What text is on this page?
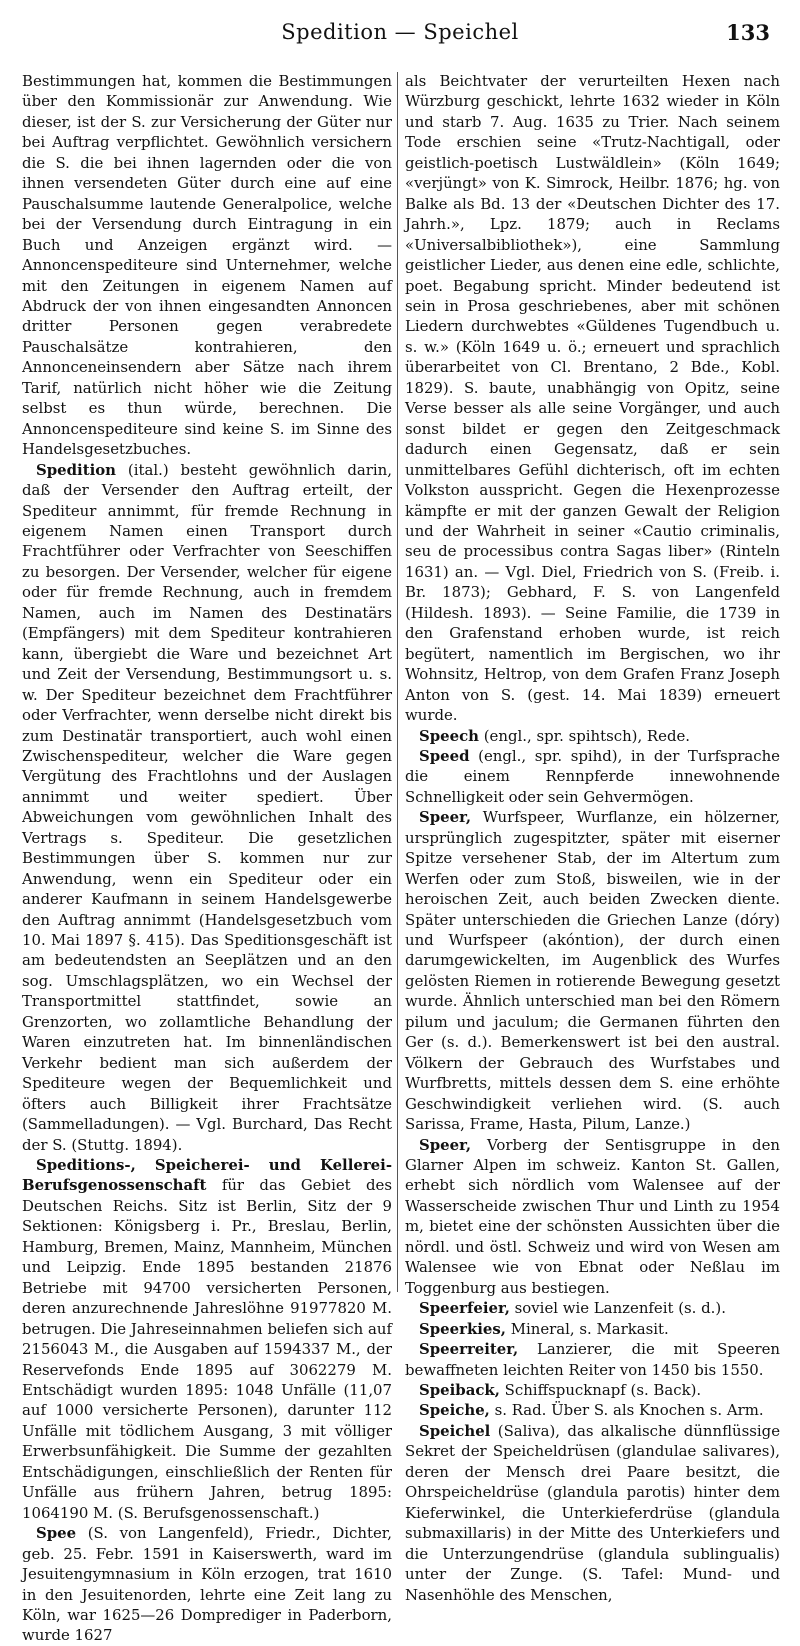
Spedition — Speichel	133

Bestimmungen hat, kommen die Bestimmungen über den Kommissionär zur Anwendung. Wie dieser, ist der S. zur Versicherung der Güter nur bei Auftrag verpflichtet. Gewöhnlich versichern die S. die bei ihnen lagernden oder die von ihnen versendeten Güter durch eine auf eine Pauschalsumme lautende Generalpolice, welche bei der Versendung durch Eintragung in ein Buch und Anzeigen ergänzt wird. — Annoncenspediteure sind Unternehmer, welche mit den Zeitungen in eigenem Namen auf Abdruck der von ihnen eingesandten Annoncen dritter Personen gegen verabredete Pauschalsätze kontrahieren, den Annonceneinsendern aber Sätze nach ihrem Tarif, natürlich nicht höher wie die Zeitung selbst es thun würde, berechnen. Die Annoncenspediteure sind keine S. im Sinne des Handelsgesetzbuches.

Spedition (ital.) besteht gewöhnlich darin, daß der Versender den Auftrag erteilt, der Spediteur annimmt, für fremde Rechnung in eigenem Namen einen Transport durch Frachtführer oder Verfrachter von Seeschiffen zu besorgen. Der Versender, welcher für eigene oder für fremde Rechnung, auch in fremdem Namen, auch im Namen des Destinatärs (Empfängers) mit dem Spediteur kontrahieren kann, übergiebt die Ware und bezeichnet Art und Zeit der Versendung, Bestimmungsort u. s. w. Der Spediteur bezeichnet dem Frachtführer oder Verfrachter, wenn derselbe nicht direkt bis zum Destinatär transportiert, auch wohl einen Zwischenspediteur, welcher die Ware gegen Vergütung des Frachtlohns und der Auslagen annimmt und weiter spediert. Über Abweichungen vom gewöhnlichen Inhalt des Vertrags s. Spediteur. Die gesetzlichen Bestimmungen über S. kommen nur zur Anwendung, wenn ein Spediteur oder ein anderer Kaufmann in seinem Handelsgewerbe den Auftrag annimmt (Handelsgesetzbuch vom 10. Mai 1897 §. 415). Das Speditionsgeschäft ist am bedeutendsten an Seeplätzen und an den sog. Umschlagsplätzen, wo ein Wechsel der Transportmittel stattfindet, sowie an Grenzorten, wo zollamtliche Behandlung der Waren einzutreten hat. Im binnenländischen Verkehr bedient man sich außerdem der Spediteure wegen der Bequemlichkeit und öfters auch Billigkeit ihrer Frachtsätze (Sammelladungen). — Vgl. Burchard, Das Recht der S. (Stuttg. 1894).

Speditions-, Speicherei- und Kellerei-Berufsgenossenschaft für das Gebiet des Deutschen Reichs. Sitz ist Berlin, Sitz der 9 Sektionen: Königsberg i. Pr., Breslau, Berlin, Hamburg, Bremen, Mainz, Mannheim, München und Leipzig. Ende 1895 bestanden 21876 Betriebe mit 94700 versicherten Personen, deren anzurechnende Jahreslöhne 91977820 M. betrugen. Die Jahreseinnahmen beliefen sich auf 2156043 M., die Ausgaben auf 1594337 M., der Reservefonds Ende 1895 auf 3062279 M. Entschädigt wurden 1895: 1048 Unfälle (11,07 auf 1000 versicherte Personen), darunter 112 Unfälle mit tödlichem Ausgang, 3 mit völliger Erwerbsunfähigkeit. Die Summe der gezahlten Entschädigungen, einschließlich der Renten für Unfälle aus frühern Jahren, betrug 1895: 1064190 M. (S. Berufsgenossenschaft.)

Spee (S. von Langenfeld), Friedr., Dichter, geb. 25. Febr. 1591 in Kaiserswerth, ward im Jesuitengymnasium in Köln erzogen, trat 1610 in den Jesuitenorden, lehrte eine Zeit lang zu Köln, war 1625—26 Domprediger in Paderborn, wurde 1627

als Beichtvater der verurteilten Hexen nach Würzburg geschickt, lehrte 1632 wieder in Köln und starb 7. Aug. 1635 zu Trier. Nach seinem Tode erschien seine «Trutz-Nachtigall, oder geistlich-poetisch Lustwäldlein» (Köln 1649; «verjüngt» von K. Simrock, Heilbr. 1876; hg. von Balke als Bd. 13 der «Deutschen Dichter des 17. Jahrh.», Lpz. 1879; auch in Reclams «Universalbibliothek»), eine Sammlung geistlicher Lieder, aus denen eine edle, schlichte, poet. Begabung spricht. Minder bedeutend ist sein in Prosa geschriebenes, aber mit schönen Liedern durchwebtes «Güldenes Tugendbuch u. s. w.» (Köln 1649 u. ö.; erneuert und sprachlich überarbeitet von Cl. Brentano, 2 Bde., Kobl. 1829). S. baute, unabhängig von Opitz, seine Verse besser als alle seine Vorgänger, und auch sonst bildet er gegen den Zeitgeschmack dadurch einen Gegensatz, daß er sein unmittelbares Gefühl dichterisch, oft im echten Volkston ausspricht. Gegen die Hexenprozesse kämpfte er mit der ganzen Gewalt der Religion und der Wahrheit in seiner «Cautio criminalis, seu de processibus contra Sagas liber» (Rinteln 1631) an. — Vgl. Diel, Friedrich von S. (Freib. i. Br. 1873); Gebhard, F. S. von Langenfeld (Hildesh. 1893). — Seine Familie, die 1739 in den Grafenstand erhoben wurde, ist reich begütert, namentlich im Bergischen, wo ihr Wohnsitz, Heltrop, von dem Grafen Franz Joseph Anton von S. (gest. 14. Mai 1839) erneuert wurde.

Speech (engl., spr. spihtsch), Rede.

Speed (engl., spr. spihd), in der Turfsprache die einem Rennpferde innewohnende Schnelligkeit oder sein Gehvermögen.

Speer, Wurfspeer, Wurflanze, ein hölzerner, ursprünglich zugespitzter, später mit eiserner Spitze versehener Stab, der im Altertum zum Werfen oder zum Stoß, bisweilen, wie in der heroischen Zeit, auch beiden Zwecken diente. Später unterschieden die Griechen Lanze (dóry) und Wurfspeer (akóntion), der durch einen darumgewickelten, im Augenblick des Wurfes gelösten Riemen in rotierende Bewegung gesetzt wurde. Ähnlich unterschied man bei den Römern pilum und jaculum; die Germanen führten den Ger (s. d.). Bemerkenswert ist bei den austral. Völkern der Gebrauch des Wurfstabes und Wurfbretts, mittels dessen dem S. eine erhöhte Geschwindigkeit verliehen wird. (S. auch Sarissa, Frame, Hasta, Pilum, Lanze.)

Speer, Vorberg der Sentisgruppe in den Glarner Alpen im schweiz. Kanton St. Gallen, erhebt sich nördlich vom Walensee auf der Wasserscheide zwischen Thur und Linth zu 1954 m, bietet eine der schönsten Aussichten über die nördl. und östl. Schweiz und wird von Wesen am Walensee wie von Ebnat oder Neßlau im Toggenburg aus bestiegen.

Speerfeier, soviel wie Lanzenfeit (s. d.).

Speerkies, Mineral, s. Markasit.

Speerreiter, Lanzierer, die mit Speeren bewaffneten leichten Reiter von 1450 bis 1550.

Speiback, Schiffspucknapf (s. Back).

Speiche, s. Rad. Über S. als Knochen s. Arm.

Speichel (Saliva), das alkalische dünnflüssige Sekret der Speicheldrüsen (glandulae salivares), deren der Mensch drei Paare besitzt, die Ohrspeicheldrüse (glandula parotis) hinter dem Kieferwinkel, die Unterkieferdrüse (glandula submaxillaris) in der Mitte des Unterkiefers und die Unterzungendrüse (glandula sublingualis) unter der Zunge. (S. Tafel: Mund- und Nasenhöhle des Menschen,
